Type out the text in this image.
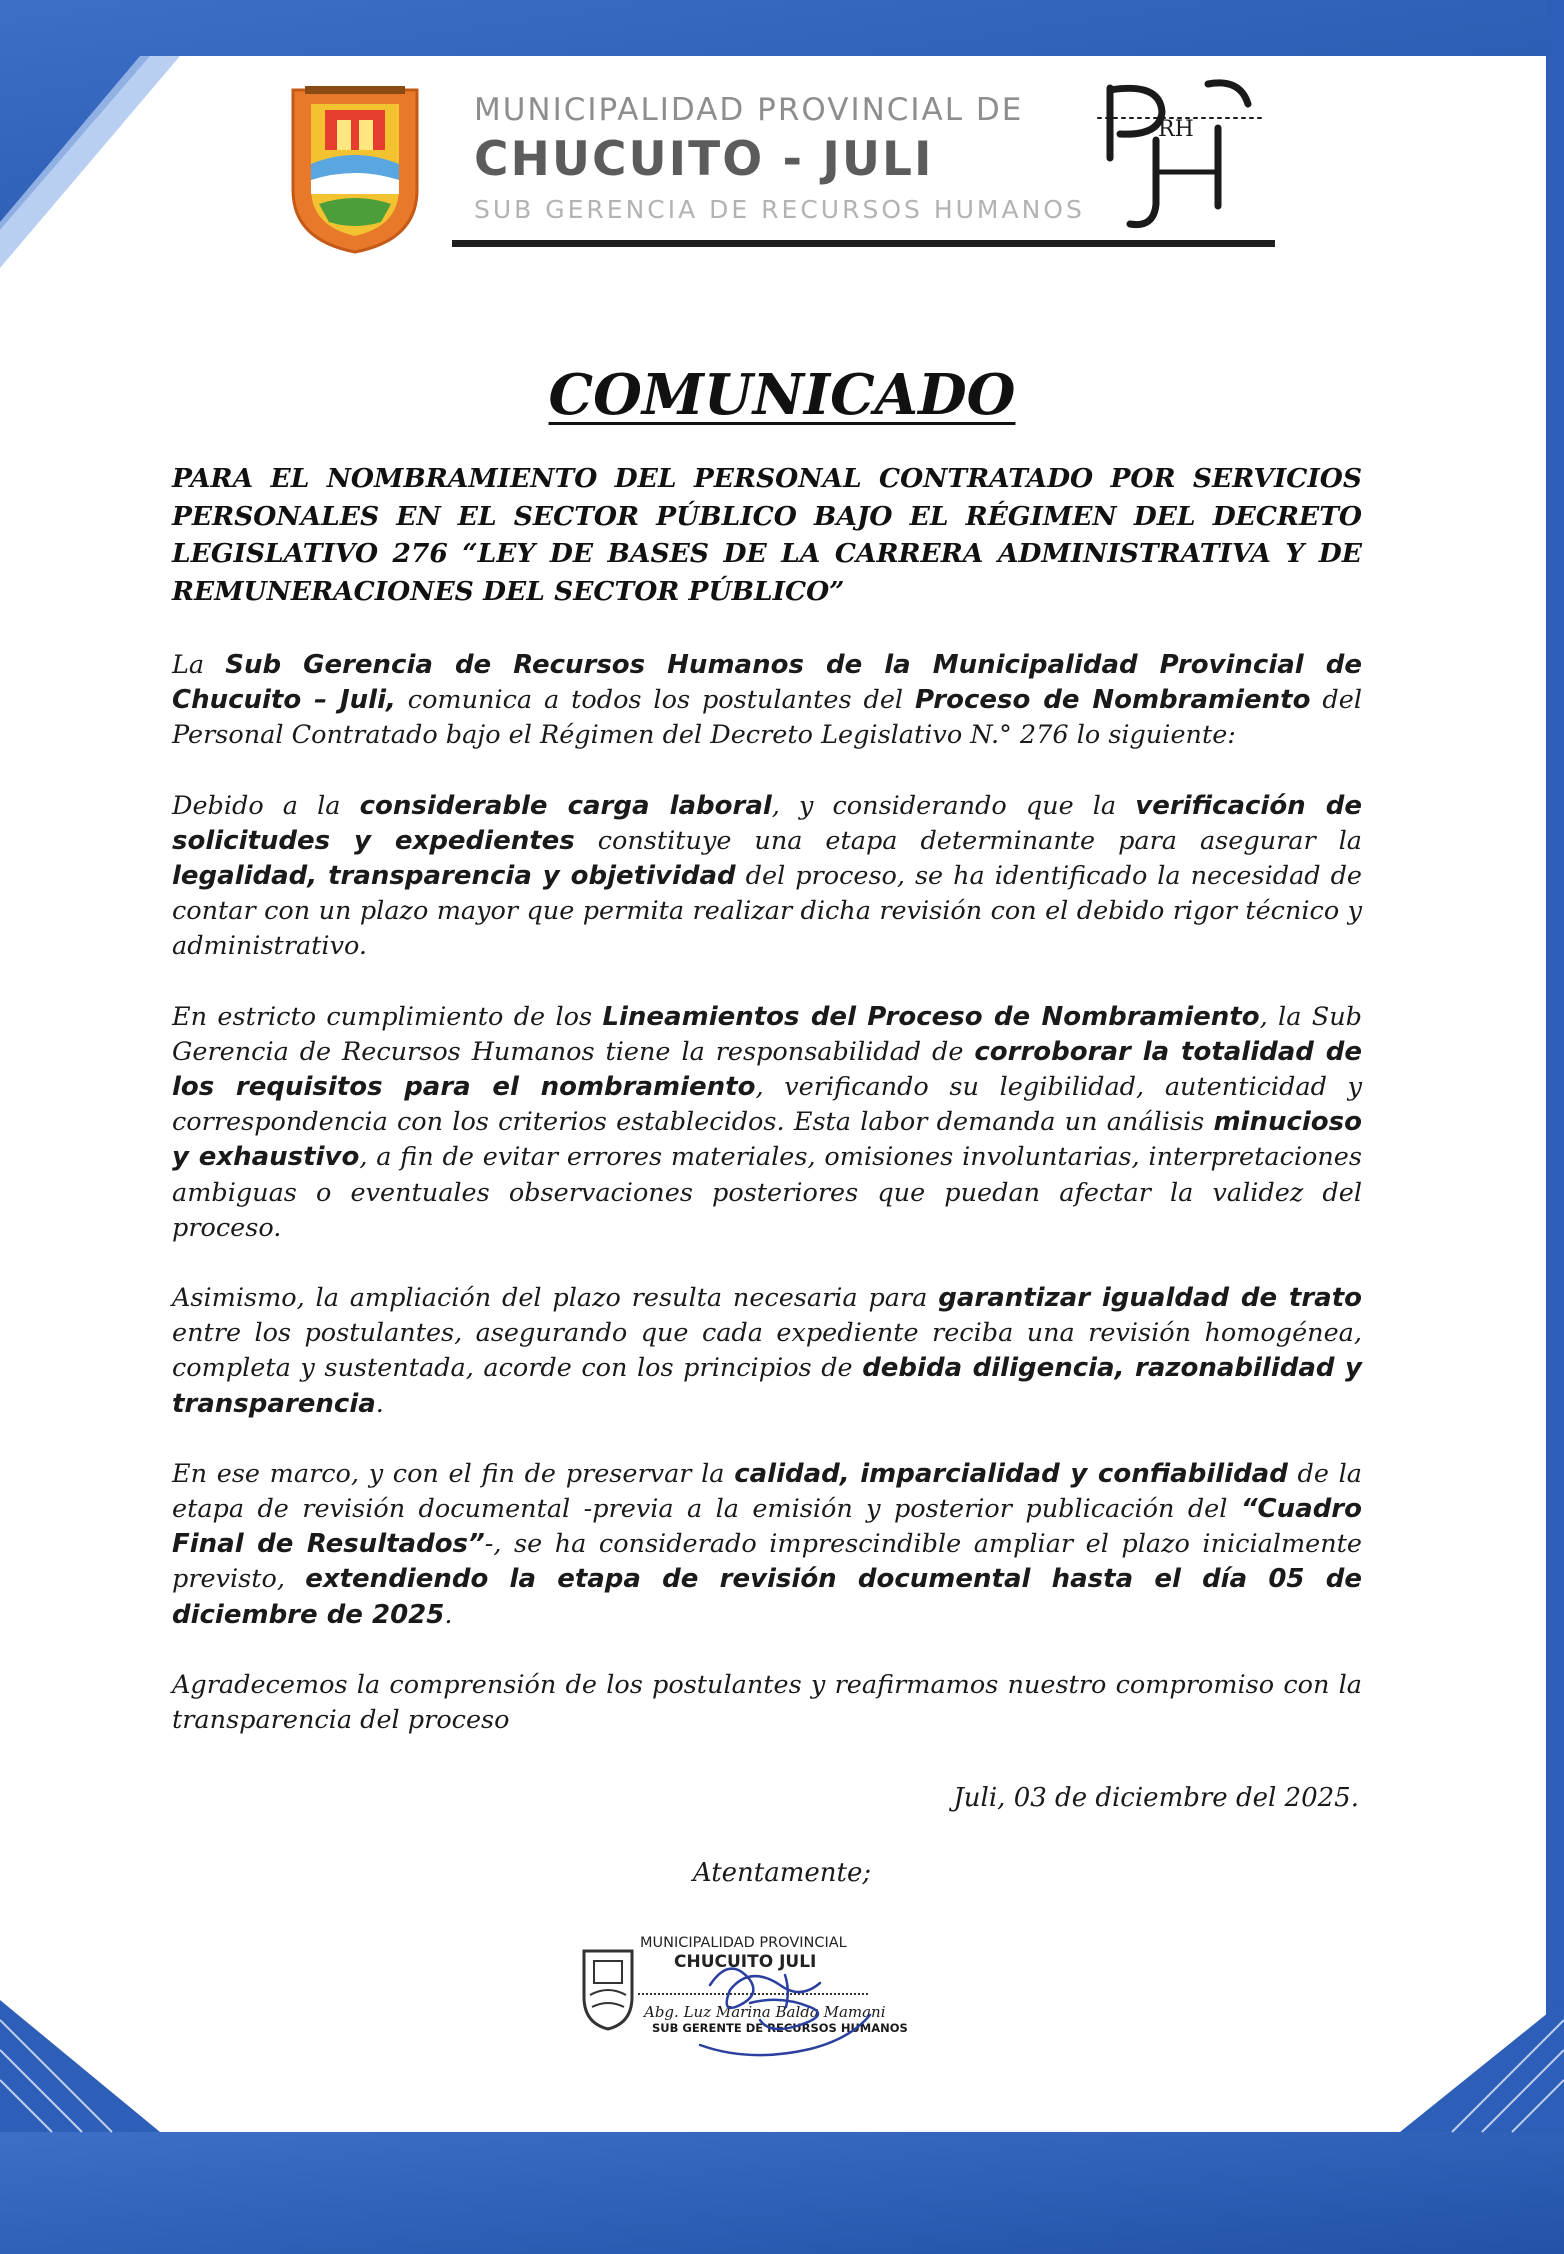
MUNICIPALIDAD PROVINCIAL DE
CHUCUITO - JULI
SUB GERENCIA DE RECURSOS HUMANOS
RH
COMUNICADO
PARA EL NOMBRAMIENTO DEL PERSONAL CONTRATADO POR SERVICIOS PERSONALES EN EL SECTOR PÚBLICO BAJO EL RÉGIMEN DEL DECRETO LEGISLATIVO 276 “LEY DE BASES DE LA CARRERA ADMINISTRATIVA Y DE REMUNERACIONES DEL SECTOR PÚBLICO”

La Sub Gerencia de Recursos Humanos de la Municipalidad Provincial de Chucuito – Juli, comunica a todos los postulantes del Proceso de Nombramiento del Personal Contratado bajo el Régimen del Decreto Legislativo N.° 276 lo siguiente:

Debido a la considerable carga laboral, y considerando que la verificación de solicitudes y expedientes constituye una etapa determinante para asegurar la legalidad, transparencia y objetividad del proceso, se ha identificado la necesidad de contar con un plazo mayor que permita realizar dicha revisión con el debido rigor técnico y administrativo.

En estricto cumplimiento de los Lineamientos del Proceso de Nombramiento, la Sub Gerencia de Recursos Humanos tiene la responsabilidad de corroborar la totalidad de los requisitos para el nombramiento, verificando su legibilidad, autenticidad y correspondencia con los criterios establecidos. Esta labor demanda un análisis minucioso y exhaustivo, a fin de evitar errores materiales, omisiones involuntarias, interpretaciones ambiguas o eventuales observaciones posteriores que puedan afectar la validez del proceso.

Asimismo, la ampliación del plazo resulta necesaria para garantizar igualdad de trato entre los postulantes, asegurando que cada expediente reciba una revisión homogénea, completa y sustentada, acorde con los principios de debida diligencia, razonabilidad y transparencia.

En ese marco, y con el fin de preservar la calidad, imparcialidad y confiabilidad de la etapa de revisión documental -previa a la emisión y posterior publicación del “Cuadro Final de Resultados”-, se ha considerado imprescindible ampliar el plazo inicialmente previsto, extendiendo la etapa de revisión documental hasta el día 05 de diciembre de 2025.

Agradecemos la comprensión de los postulantes y reafirmamos nuestro compromiso con la transparencia del proceso

Juli, 03 de diciembre del 2025.
Atentamente;
MUNICIPALIDAD PROVINCIAL
CHUCUITO JULI
Abg. Luz Marina Balda Mamani
SUB GERENTE DE RECURSOS HUMANOS
